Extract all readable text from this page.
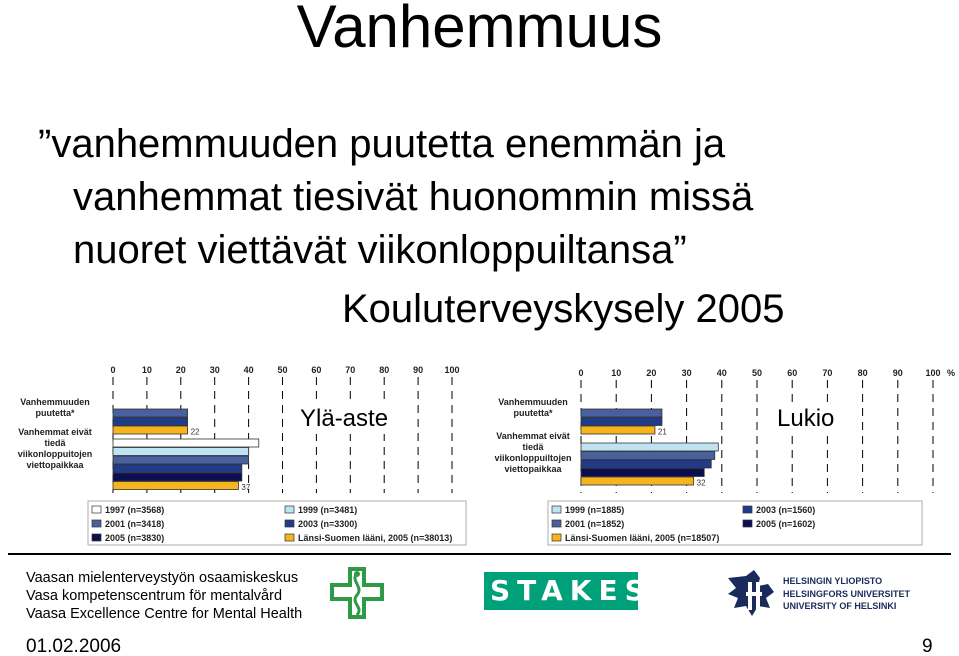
Vanhemmuus
”vanhemmuuden puutetta enemmän ja
vanhemmat tiesivät huonommin missä
nuoret viettävät viikonloppuiltansa”
Kouluterveyskysely 2005
0	10	20	30	40	50	60	70	80	90 100
Vanhemmuuden
puutetta*
Vanhemmat eivät
tiedä
viikonloppuitojen
viettopaikkaa
22
37
1997 (n=3568)	1999 (n=3481)
2001 (n=3418)	2003 (n=3300)
2005 (n=3830)	Länsi-Suomen lääni, 2005 (n=38013)
0	10	20	30	40	50	60	70	80	90	100 %
Vanhemmuuden
puutetta*
Vanhemmat eivät
tiedä
viikonloppuiltojen
viettopaikkaa
21
32
1999 (n=1885)
2001 (n=1852)
2003 (n=1560)
2005 (n=1602)
Länsi-Suomen lääni, 2005 (n=18507)
Ylä-aste	Lukio
Vaasan mielenterveystyön osaamiskeskus
Vasa kompetenscentrum för mentalvård
Vaasa Excellence Centre for Mental Health
STAKES	HELSINGIN YLIOPISTO
HELSINGFORS UNIVERSITET
UNIVERSITY OF HELSINKI
01.02.2006	9
